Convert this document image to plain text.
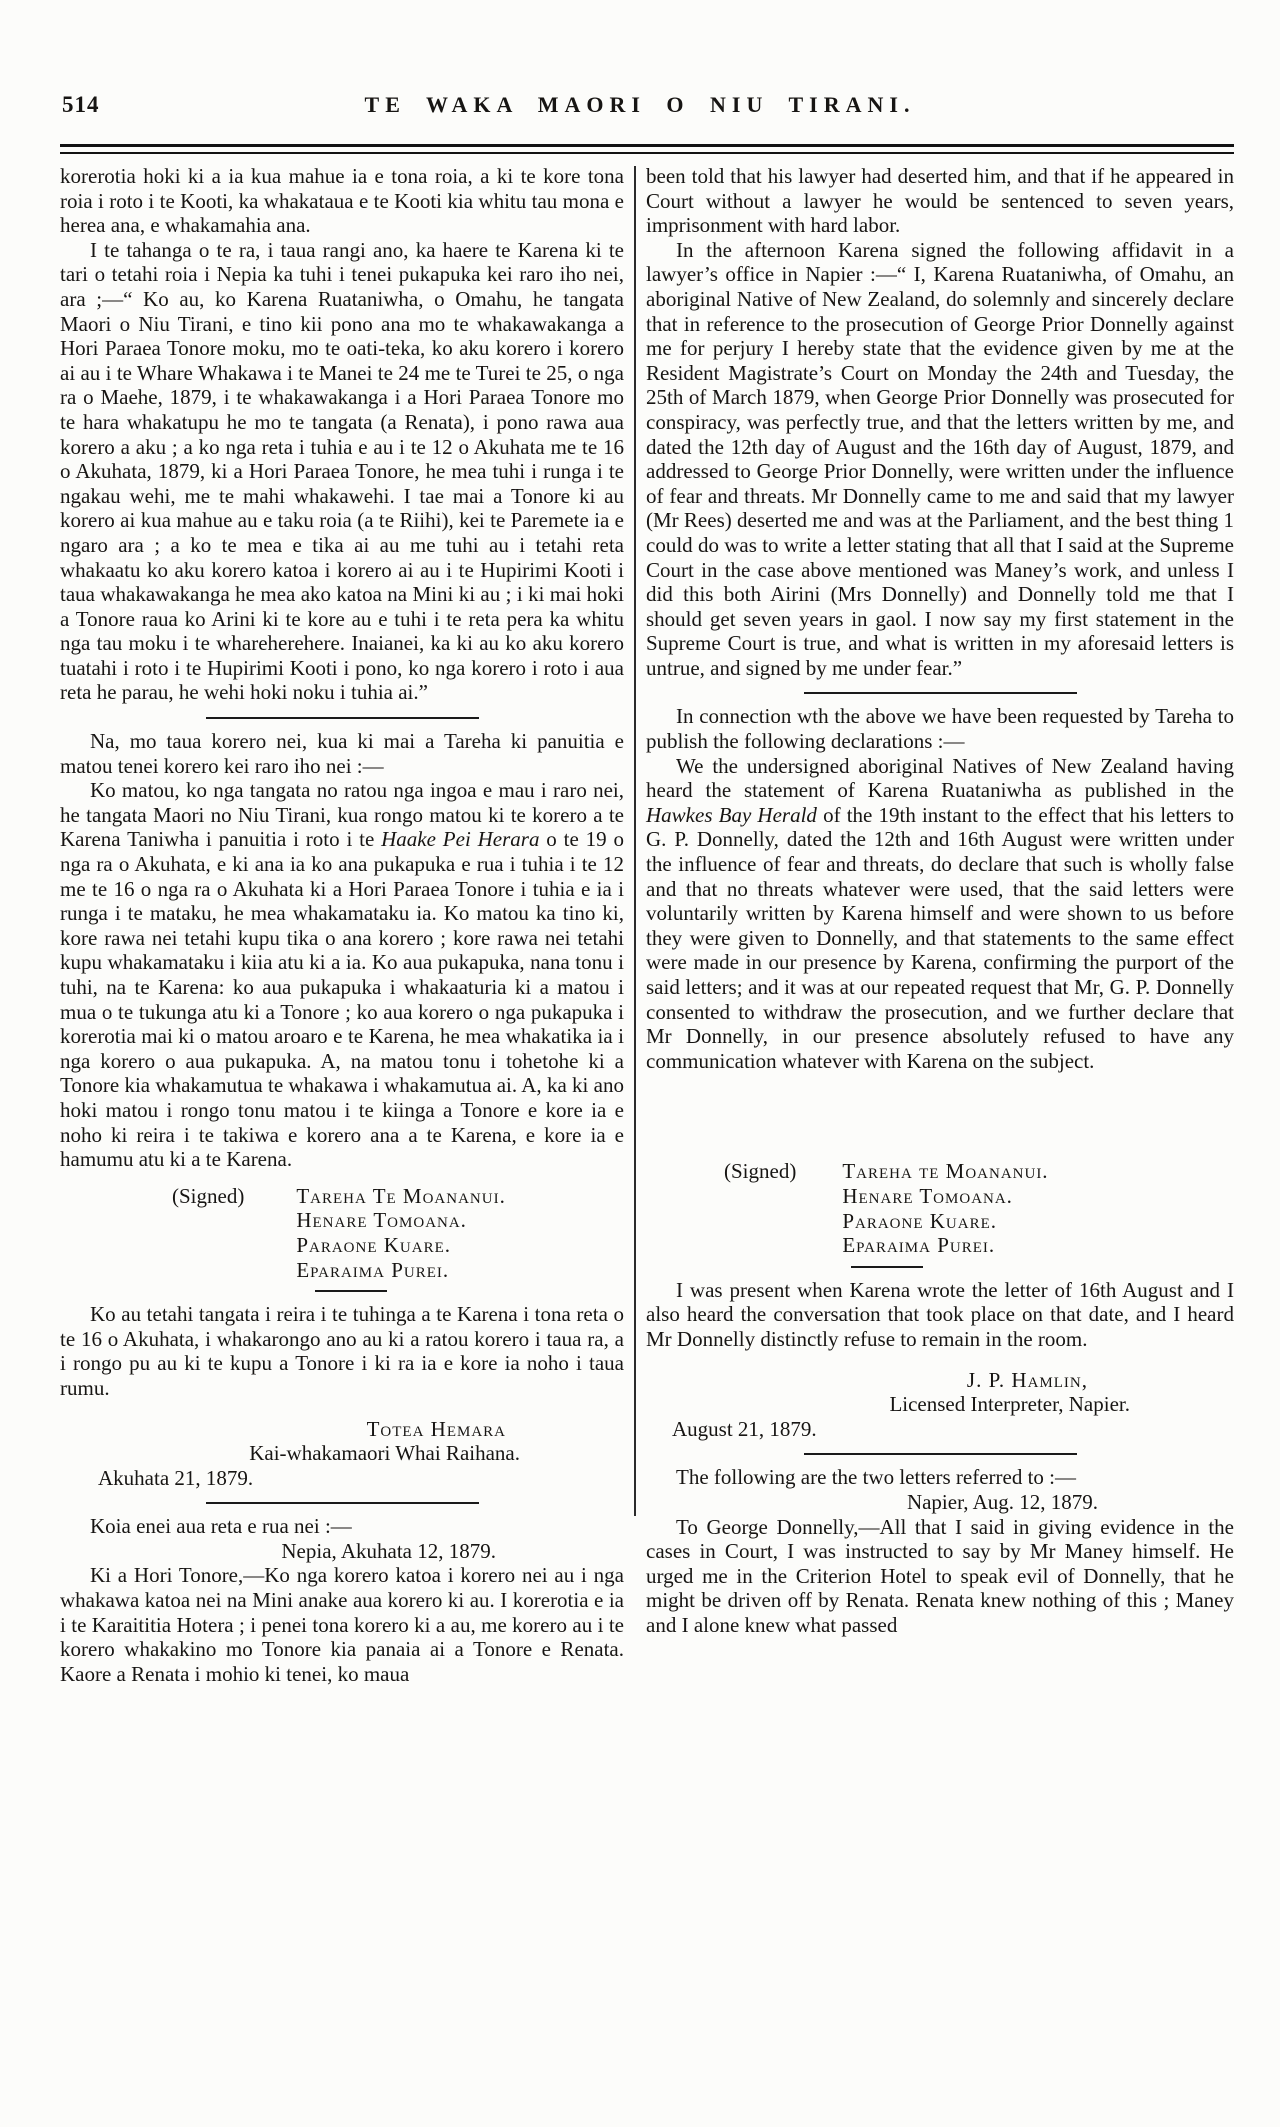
514	TE WAKA MAORI O NIU TIRANI.

korerotia hoki ki a ia kua mahue ia e tona roia, a ki te kore tona roia i roto i te Kooti, ka whakataua e te Kooti kia whitu tau mona e herea ana, e whakamahia ana.

I te tahanga o te ra, i taua rangi ano, ka haere te Karena ki te tari o tetahi roia i Nepia ka tuhi i tenei pukapuka kei raro iho nei, ara ;—“ Ko au, ko Karena Ruataniwha, o Omahu, he tangata Maori o Niu Tirani, e tino kii pono ana mo te whakawakanga a Hori Paraea Tonore moku, mo te oati-teka, ko aku korero i korero ai au i te Whare Whakawa i te Manei te 24 me te Turei te 25, o nga ra o Maehe, 1879, i te whakawakanga i a Hori Paraea Tonore mo te hara whakatupu he mo te tangata (a Renata), i pono rawa aua korero a aku ; a ko nga reta i tuhia e au i te 12 o Akuhata me te 16 o Akuhata, 1879, ki a Hori Paraea Tonore, he mea tuhi i runga i te ngakau wehi, me te mahi whakawehi. I tae mai a Tonore ki au korero ai kua mahue au e taku roia (a te Riihi), kei te Paremete ia e ngaro ara ; a ko te mea e tika ai au me tuhi au i tetahi reta whakaatu ko aku korero katoa i korero ai au i te Hupirimi Kooti i taua whakawakanga he mea ako katoa na Mini ki au ; i ki mai hoki a Tonore raua ko Arini ki te kore au e tuhi i te reta pera ka whitu nga tau moku i te whareherehere. Inaianei, ka ki au ko aku korero tuatahi i roto i te Hupirimi Kooti i pono, ko nga korero i roto i aua reta he parau, he wehi hoki noku i tuhia ai.”

Na, mo taua korero nei, kua ki mai a Tareha ki panuitia e matou tenei korero kei raro iho nei :—

Ko matou, ko nga tangata no ratou nga ingoa e mau i raro nei, he tangata Maori no Niu Tirani, kua rongo matou ki te korero a te Karena Taniwha i panuitia i roto i te Haake Pei Herara o te 19 o nga ra o Akuhata, e ki ana ia ko ana pukapuka e rua i tuhia i te 12 me te 16 o nga ra o Akuhata ki a Hori Paraea Tonore i tuhia e ia i runga i te mataku, he mea whakamataku ia. Ko matou ka tino ki, kore rawa nei tetahi kupu tika o ana korero ; kore rawa nei tetahi kupu whakamataku i kiia atu ki a ia. Ko aua pukapuka, nana tonu i tuhi, na te Karena: ko aua pukapuka i whakaaturia ki a matou i mua o te tukunga atu ki a Tonore ; ko aua korero o nga pukapuka i korerotia mai ki o matou aroaro e te Karena, he mea whakatika ia i nga korero o aua pukapuka. A, na matou tonu i tohetohe ki a Tonore kia whakamutua te whakawa i whakamutua ai. A, ka ki ano hoki matou i rongo tonu matou i te kiinga a Tonore e kore ia e noho ki reira i te takiwa e korero ana a te Karena, e kore ia e hamumu atu ki a te Karena.

(Signed) Tareha Te Moananui.
Henare Tomoana.
Paraone Kuare.
Eparaima Purei.

Ko au tetahi tangata i reira i te tuhinga a te Karena i tona reta o te 16 o Akuhata, i whakarongo ano au ki a ratou korero i taua ra, a i rongo pu au ki te kupu a Tonore i ki ra ia e kore ia noho i taua rumu.

Totea Hemara
Kai-whakamaori Whai Raihana.
Akuhata 21, 1879.

Koia enei aua reta e rua nei :—

Nepia, Akuhata 12, 1879.

Ki a Hori Tonore,—Ko nga korero katoa i korero nei au i nga whakawa katoa nei na Mini anake aua korero ki au. I korerotia e ia i te Karaititia Hotera ; i penei tona korero ki a au, me korero au i te korero whakakino mo Tonore kia panaia ai a Tonore e Renata. Kaore a Renata i mohio ki tenei, ko maua

been told that his lawyer had deserted him, and that if he appeared in Court without a lawyer he would be sentenced to seven years, imprisonment with hard labor.

In the afternoon Karena signed the following affidavit in a lawyer’s office in Napier :—“ I, Karena Ruataniwha, of Omahu, an aboriginal Native of New Zealand, do solemnly and sincerely declare that in reference to the prosecution of George Prior Donnelly against me for perjury I hereby state that the evidence given by me at the Resident Magistrate’s Court on Monday the 24th and Tuesday, the 25th of March 1879, when George Prior Donnelly was prosecuted for conspiracy, was perfectly true, and that the letters written by me, and dated the 12th day of August and the 16th day of August, 1879, and addressed to George Prior Donnelly, were written under the influence of fear and threats. Mr Donnelly came to me and said that my lawyer (Mr Rees) deserted me and was at the Parliament, and the best thing 1 could do was to write a letter stating that all that I said at the Supreme Court in the case above mentioned was Maney’s work, and unless I did this both Airini (Mrs Donnelly) and Donnelly told me that I should get seven years in gaol. I now say my first statement in the Supreme Court is true, and what is written in my aforesaid letters is untrue, and signed by me under fear.”

In connection wth the above we have been requested by Tareha to publish the following declarations :—

We the undersigned aboriginal Natives of New Zealand having heard the statement of Karena Ruataniwha as published in the Hawkes Bay Herald of the 19th instant to the effect that his letters to G. P. Donnelly, dated the 12th and 16th August were written under the influence of fear and threats, do declare that such is wholly false and that no threats whatever were used, that the said letters were voluntarily written by Karena himself and were shown to us before they were given to Donnelly, and that statements to the same effect were made in our presence by Karena, confirming the purport of the said letters; and it was at our repeated request that Mr, G. P. Donnelly consented to withdraw the prosecution, and we further declare that Mr Donnelly, in our presence absolutely refused to have any communication whatever with Karena on the subject.

(Signed) Tareha te Moananui.
Henare Tomoana.
Paraone Kuare.
Eparaima Purei.

I was present when Karena wrote the letter of 16th August and I also heard the conversation that took place on that date, and I heard Mr Donnelly distinctly refuse to remain in the room.

J. P. Hamlin,
Licensed Interpreter, Napier.
August 21, 1879.

The following are the two letters referred to :—

Napier, Aug. 12, 1879.

To George Donnelly,—All that I said in giving evidence in the cases in Court, I was instructed to say by Mr Maney himself. He urged me in the Criterion Hotel to speak evil of Donnelly, that he might be driven off by Renata. Renata knew nothing of this ; Maney and I alone knew what passed
